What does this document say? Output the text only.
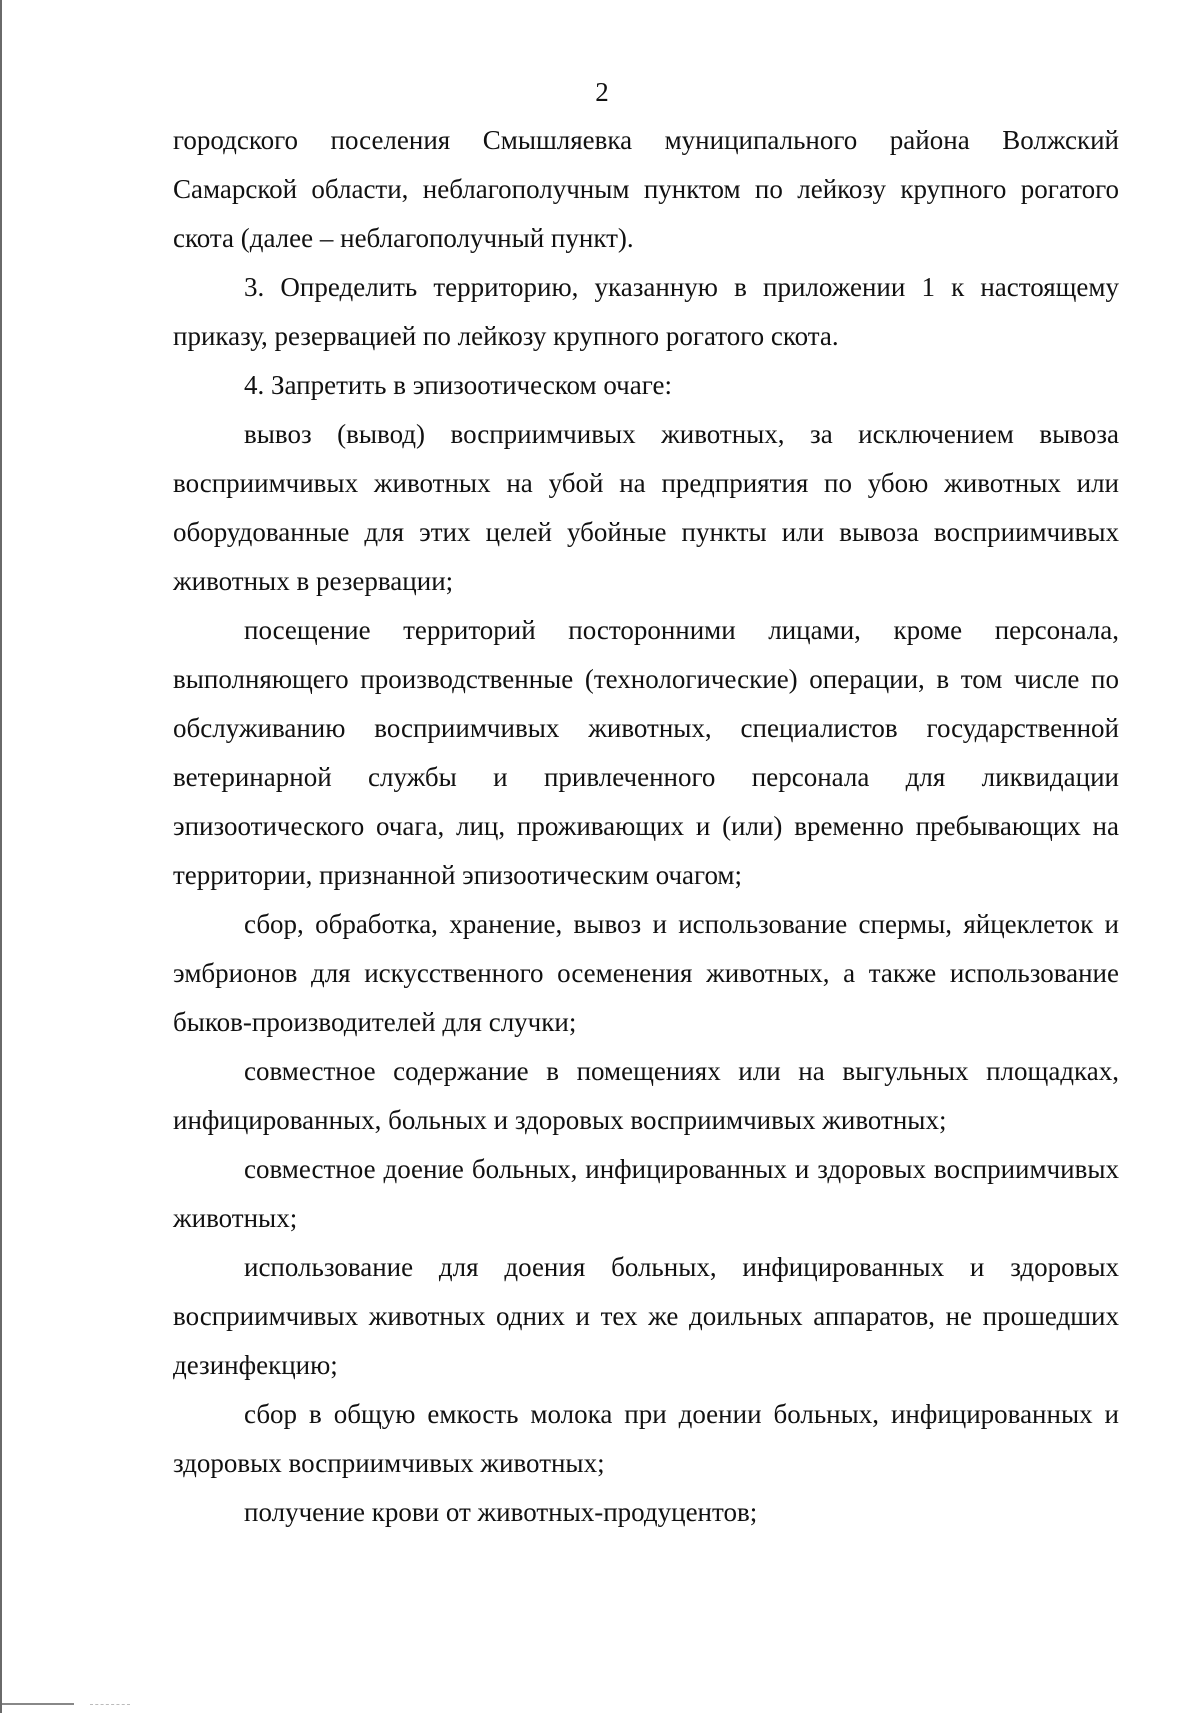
2

городского поселения Смышляевка муниципального района Волжский Самарской области, неблагополучным пунктом по лейкозу крупного рогатого скота (далее – неблагополучный пункт).

3. Определить территорию, указанную в приложении 1 к настоящему приказу, резервацией по лейкозу крупного рогатого скота.

4. Запретить в эпизоотическом очаге:

вывоз (вывод) восприимчивых животных, за исключением вывоза восприимчивых животных на убой на предприятия по убою животных или оборудованные для этих целей убойные пункты или вывоза восприимчивых животных в резервации;

посещение территорий посторонними лицами, кроме персонала, выполняющего производственные (технологические) операции, в том числе по обслуживанию восприимчивых животных, специалистов государственной ветеринарной службы и привлеченного персонала для ликвидации эпизоотического очага, лиц, проживающих и (или) временно пребывающих на территории, признанной эпизоотическим очагом;

сбор, обработка, хранение, вывоз и использование спермы, яйцеклеток и эмбрионов для искусственного осеменения животных, а также использование быков-производителей для случки;

совместное содержание в помещениях или на выгульных площадках, инфицированных, больных и здоровых восприимчивых животных;

совместное доение больных, инфицированных и здоровых восприимчивых животных;

использование для доения больных, инфицированных и здоровых восприимчивых животных одних и тех же доильных аппаратов, не прошедших дезинфекцию;

сбор в общую емкость молока при доении больных, инфицированных и здоровых восприимчивых животных;

получение крови от животных-продуцентов;
